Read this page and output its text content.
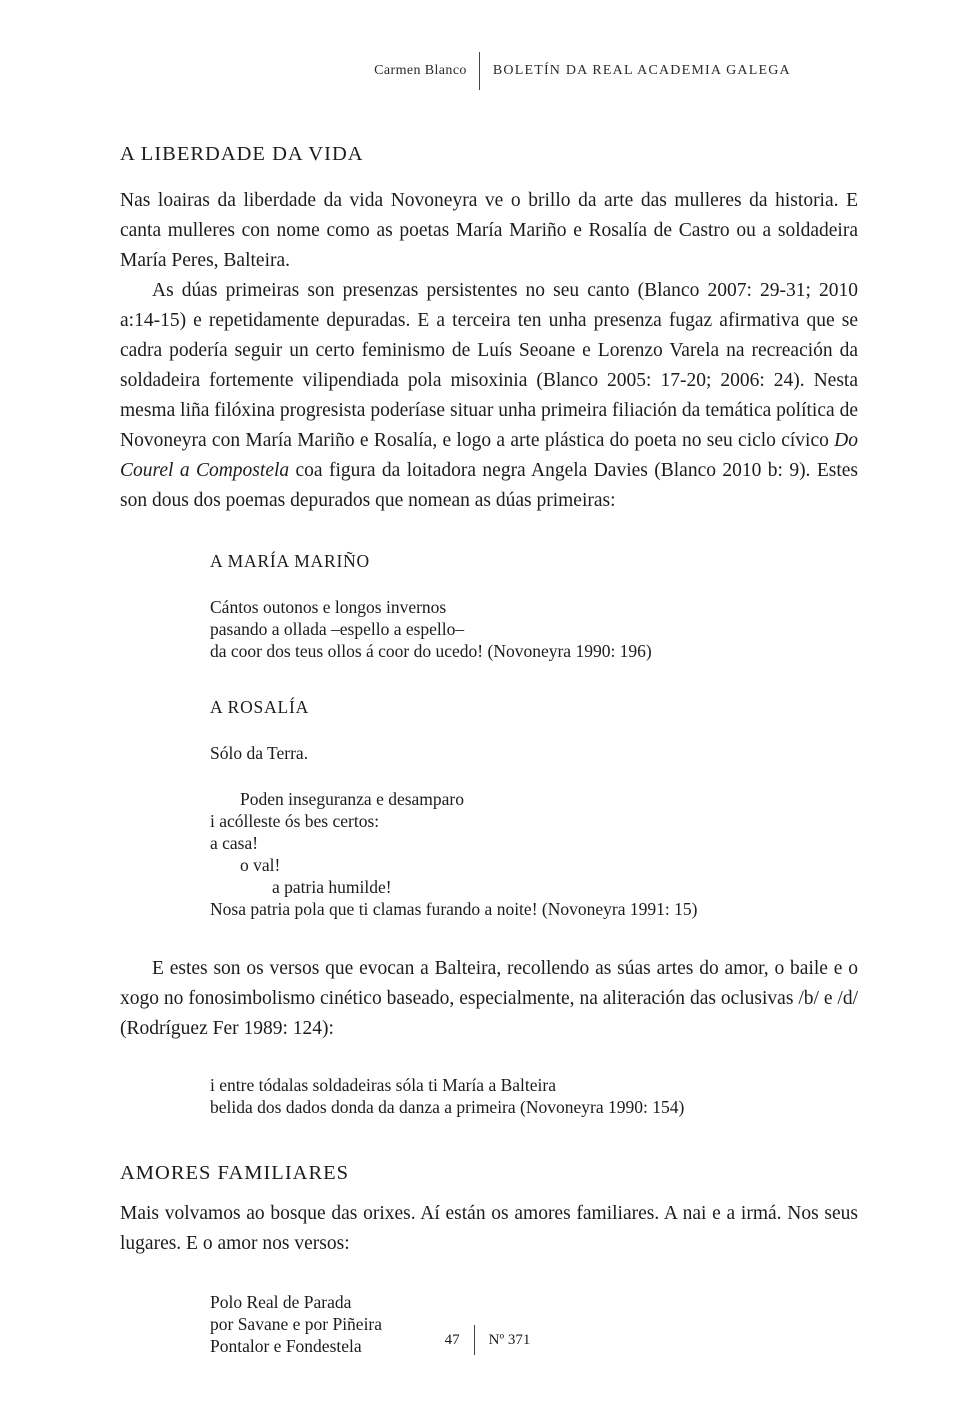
Carmen Blanco	BOLETÍN DA REAL ACADEMIA GALEGA
A LIBERDADE DA VIDA

Nas loairas da liberdade da vida Novoneyra ve o brillo da arte das mulleres da historia. E canta mulleres con nome como as poetas María Mariño e Rosalía de Castro ou a soldadeira María Peres, Balteira.

As dúas primeiras son presenzas persistentes no seu canto (Blanco 2007: 29-31; 2010 a:14-15) e repetidamente depuradas. E a terceira ten unha presenza fugaz afirmativa que se cadra podería seguir un certo feminismo de Luís Seoane e Lorenzo Varela na recreación da soldadeira fortemente vilipendiada pola misoxinia (Blanco 2005: 17-20; 2006: 24). Nesta mesma liña filóxina progresista poderíase situar unha primeira filiación da temática política de Novoneyra con María Mariño e Rosalía, e logo a arte plástica do poeta no seu ciclo cívico Do Courel a Compostela coa figura da loitadora negra Angela Davies (Blanco 2010 b: 9). Estes son dous dos poemas depurados que nomean as dúas primeiras:

A MARÍA MARIÑO
Cántos outonos e longos invernos
pasando a ollada –espello a espello–
da coor dos teus ollos á coor do ucedo! (Novoneyra 1990: 196)
A ROSALÍA
Sólo da Terra.
Poden inseguranza e desamparo
i acólleste ós bes certos:
a casa!
o val!
a patria humilde!
Nosa patria pola que ti clamas furando a noite! (Novoneyra 1991: 15)

E estes son os versos que evocan a Balteira, recollendo as súas artes do amor, o baile e o xogo no fonosimbolismo cinético baseado, especialmente, na aliteración das oclusivas /b/ e /d/ (Rodríguez Fer 1989: 124):

i entre tódalas soldadeiras sóla ti María a Balteira
belida dos dados donda da danza a primeira (Novoneyra 1990: 154)
AMORES FAMILIARES

Mais volvamos ao bosque das orixes. Aí están os amores familiares. A nai e a irmá. Nos seus lugares. E o amor nos versos:

Polo Real de Parada
por Savane e por Piñeira
Pontalor e Fondestela	47	Nº 371
